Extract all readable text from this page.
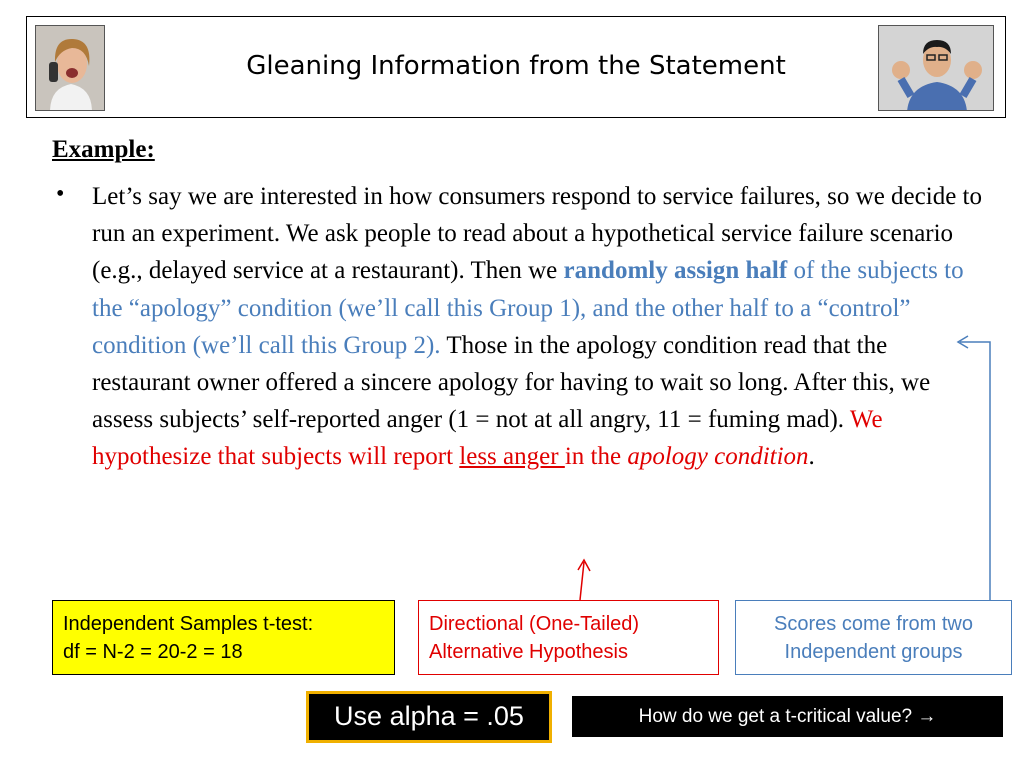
Gleaning Information from the Statement
Example:
• Let’s say we are interested in how consumers respond to service failures, so we decide to run an experiment. We ask people to read about a hypothetical service failure scenario (e.g., delayed service at a restaurant). Then we randomly assign half of the subjects to the “apology” condition (we’ll call this Group 1), and the other half to a “control” condition (we’ll call this Group 2). Those in the apology condition read that the restaurant owner offered a sincere apology for having to wait so long. After this, we assess subjects’ self-reported anger (1 = not at all angry, 11 = fuming mad). We hypothesize that subjects will report less anger in the apology condition.
Independent Samples t-test:
df = N-2 = 20-2 = 18
Directional (One-Tailed)
Alternative Hypothesis
Scores come from two
Independent groups
Use alpha = .05	How do we get a t-critical value? →
